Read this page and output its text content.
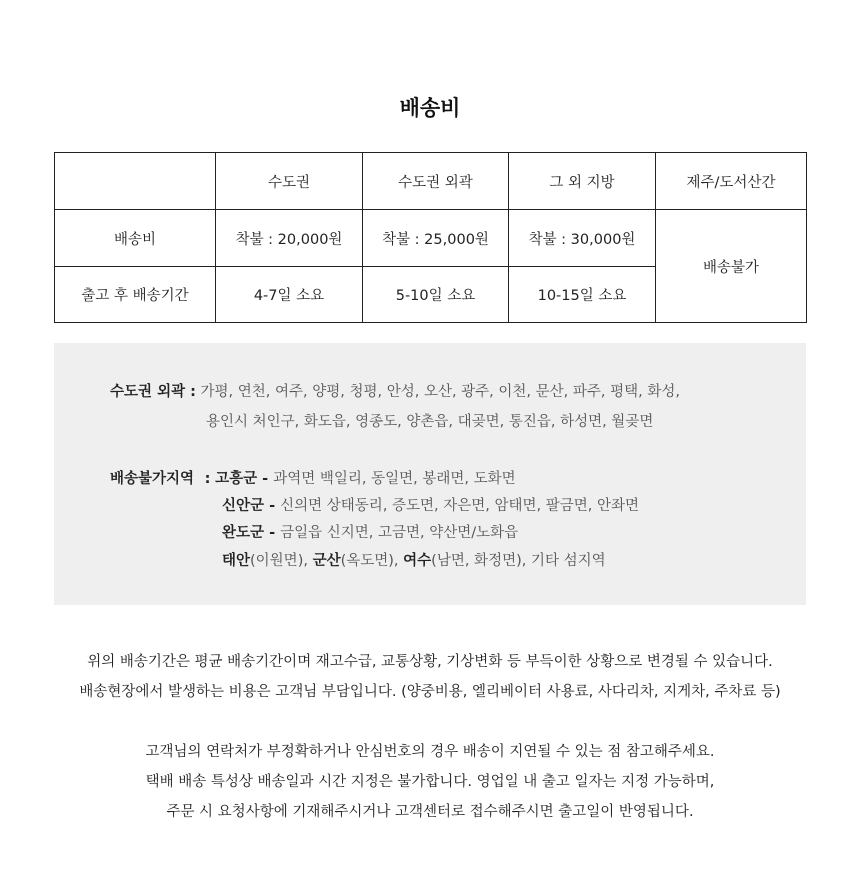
배송비
	수도권	수도권 외곽	그 외 지방	제주/도서산간
배송비	착불 : 20,000원	착불 : 25,000원	착불 : 30,000원	배송불가
출고 후 배송기간	4-7일 소요	5-10일 소요	10-15일 소요	
수도권 외곽 : 가평, 연천, 여주, 양평, 청평, 안성, 오산, 광주, 이천, 문산, 파주, 평택, 화성,
용인시 처인구, 화도읍, 영종도, 양촌읍, 대곶면, 통진읍, 하성면, 월곶면
배송불가지역 : 고흥군 - 과역면 백일리, 동일면, 봉래면, 도화면
신안군 - 신의면 상태동리, 증도면, 자은면, 암태면, 팔금면, 안좌면
완도군 - 금일읍 신지면, 고금면, 약산면/노화읍
태안(이원면), 군산(옥도면), 여수(남면, 화정면), 기타 섬지역
위의 배송기간은 평균 배송기간이며 재고수급, 교통상황, 기상변화 등 부득이한 상황으로 변경될 수 있습니다.
배송현장에서 발생하는 비용은 고객님 부담입니다. (양중비용, 엘리베이터 사용료, 사다리차, 지게차, 주차료 등)
고객님의 연락처가 부정확하거나 안심번호의 경우 배송이 지연될 수 있는 점 참고해주세요.
택배 배송 특성상 배송일과 시간 지정은 불가합니다. 영업일 내 출고 일자는 지정 가능하며,
주문 시 요청사항에 기재해주시거나 고객센터로 접수해주시면 출고일이 반영됩니다.
